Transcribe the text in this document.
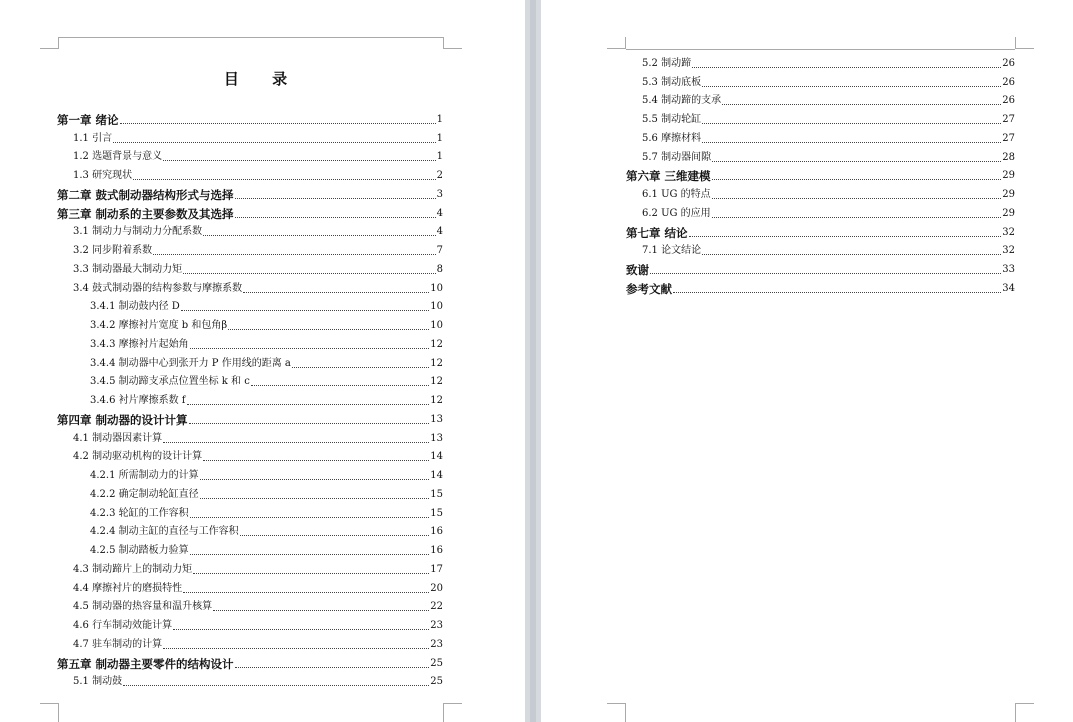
目 录
第一章 绪论	1
1.1 引言	1
1.2 选题背景与意义	1
1.3 研究现状	2
第二章 鼓式制动器结构形式与选择	3
第三章 制动系的主要参数及其选择	4
3.1 制动力与制动力分配系数	4
3.2 同步附着系数	7
3.3 制动器最大制动力矩	8
3.4 鼓式制动器的结构参数与摩擦系数	10
3.4.1 制动鼓内径 D	10
3.4.2 摩擦衬片宽度 b 和包角β	10
3.4.3 摩擦衬片起始角	12
3.4.4 制动器中心到张开力 P 作用线的距离 a	12
3.4.5 制动蹄支承点位置坐标 k 和 c	12
3.4.6 衬片摩擦系数 f	12
第四章 制动器的设计计算	13
4.1 制动器因素计算	13
4.2 制动驱动机构的设计计算	14
4.2.1 所需制动力的计算	14
4.2.2 确定制动轮缸直径	15
4.2.3 轮缸的工作容积	15
4.2.4 制动主缸的直径与工作容积	16
4.2.5 制动踏板力验算	16
4.3 制动蹄片上的制动力矩	17
4.4 摩擦衬片的磨损特性	20
4.5 制动器的热容量和温升核算	22
4.6 行车制动效能计算	23
4.7 驻车制动的计算	23
第五章 制动器主要零件的结构设计	25
5.1 制动鼓	25
5.2 制动蹄	26
5.3 制动底板	26
5.4 制动蹄的支承	26
5.5 制动轮缸	27
5.6 摩擦材料	27
5.7 制动器间隙	28
第六章 三维建模	29
6.1 UG 的特点	29
6.2 UG 的应用	29
第七章 结论	32
7.1 论文结论	32
致谢	33
参考文献	34
